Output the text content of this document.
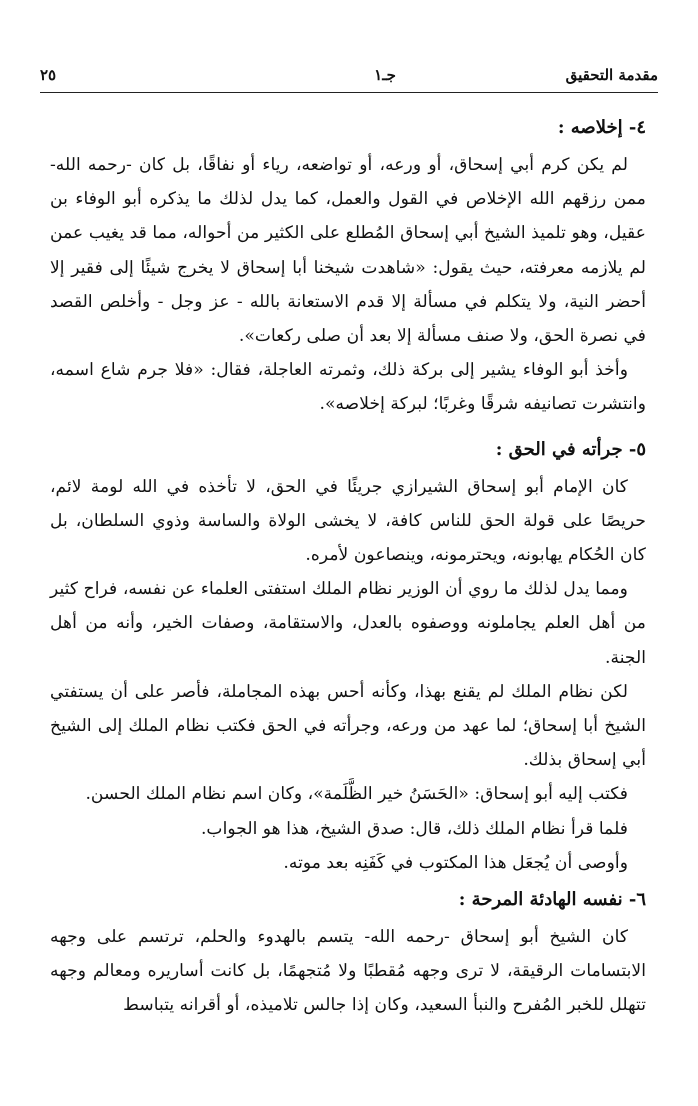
مقدمة التحقيق
جـ١
٢٥

٤- إخلاصه :

لم يكن كرم أبي إسحاق، أو ورعه، أو تواضعه، رياء أو نفاقًا، بل كان -رحمه الله- ممن رزقهم الله الإخلاص في القول والعمل، كما يدل لذلك ما يذكره أبو الوفاء بن عقيل، وهو تلميذ الشيخ أبي إسحاق المُطلع على الكثير من أحواله، مما قد يغيب عمن لم يلازمه معرفته، حيث يقول: «شاهدت شيخنا أبا إسحاق لا يخرج شيئًا إلى فقير إلا أحضر النية، ولا يتكلم في مسألة إلا قدم الاستعانة بالله - عز وجل - وأخلص القصد في نصرة الحق، ولا صنف مسألة إلا بعد أن صلى ركعات».

وأخذ أبو الوفاء يشير إلى بركة ذلك، وثمرته العاجلة، فقال: «فلا جرم شاع اسمه، وانتشرت تصانيفه شرقًا وغربًا؛ لبركة إخلاصه».

٥- جرأته في الحق :

كان الإمام أبو إسحاق الشيرازي جريئًا في الحق، لا تأخذه في الله لومة لائم، حريصًا على قولة الحق للناس كافة، لا يخشى الولاة والساسة وذوي السلطان، بل كان الحُكام يهابونه، ويحترمونه، وينصاعون لأمره.

ومما يدل لذلك ما روي أن الوزير نظام الملك استفتى العلماء عن نفسه، فراح كثير من أهل العلم يجاملونه ووصفوه بالعدل، والاستقامة، وصفات الخير، وأنه من أهل الجنة.

لكن نظام الملك لم يقنع بهذا، وكأنه أحس بهذه المجاملة، فأصر على أن يستفتي الشيخ أبا إسحاق؛ لما عهد من ورعه، وجرأته في الحق فكتب نظام الملك إلى الشيخ أبي إسحاق بذلك.

فكتب إليه أبو إسحاق: «الحَسَنُ خير الظَّلَمة»، وكان اسم نظام الملك الحسن.

فلما قرأ نظام الملك ذلك، قال: صدق الشيخ، هذا هو الجواب.

وأوصى أن يُجعَل هذا المكتوب في كَفَنِه بعد موته.

٦- نفسه الهادئة المرحة :

كان الشيخ أبو إسحاق -رحمه الله- يتسم بالهدوء والحلم، ترتسم على وجهه الابتسامات الرقيقة، لا ترى وجهه مُقطبًا ولا مُتجهمًا، بل كانت أساريره ومعالم وجهه تتهلل للخبر المُفرح والنبأ السعيد، وكان إذا جالس تلاميذه، أو أقرانه يتباسط
